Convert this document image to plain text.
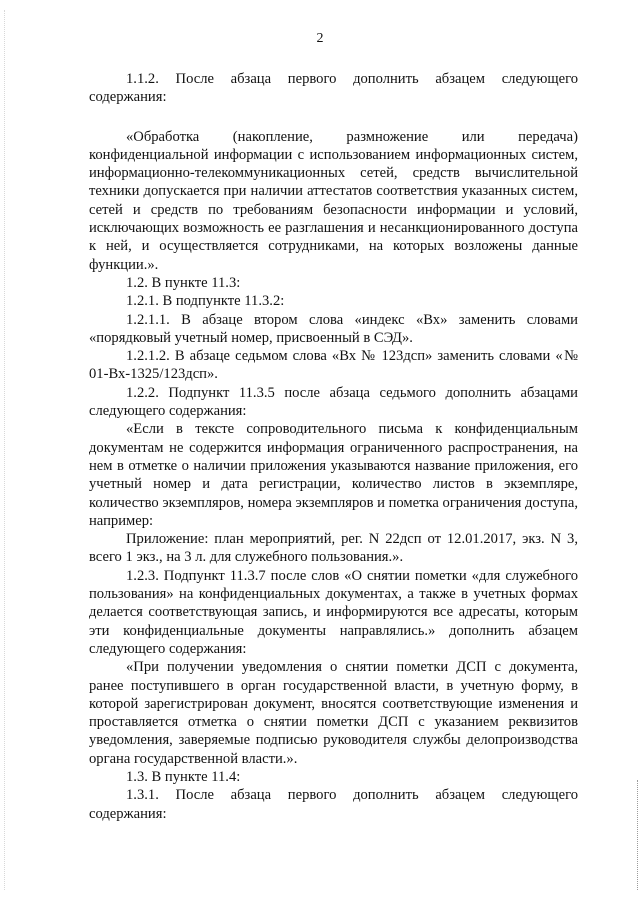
2

1.1.2. После абзаца первого дополнить абзацем следующего содержания:

«Обработка (накопление, размножение или передача) конфиденциальной информации с использованием информационных систем, информационно-телекоммуникационных сетей, средств вычислительной техники допускается при наличии аттестатов соответствия указанных систем, сетей и средств по требованиям безопасности информации и условий, исключающих возможность ее разглашения и несанкционированного доступа к ней, и осуществляется сотрудниками, на которых возложены данные функции.».

1.2. В пункте 11.3:

1.2.1. В подпункте 11.3.2:

1.2.1.1. В абзаце втором слова «индекс «Вх» заменить словами «порядковый учетный номер, присвоенный в СЭД».

1.2.1.2. В абзаце седьмом слова «Вх № 123дсп» заменить словами «№ 01-Вх-1325/123дсп».

1.2.2. Подпункт 11.3.5 после абзаца седьмого дополнить абзацами следующего содержания:

«Если в тексте сопроводительного письма к конфиденциальным документам не содержится информация ограниченного распространения, на нем в отметке о наличии приложения указываются название приложения, его учетный номер и дата регистрации, количество листов в экземпляре, количество экземпляров, номера экземпляров и пометка ограничения доступа, например:

Приложение: план мероприятий, рег. N 22дсп от 12.01.2017, экз. N 3, всего 1 экз., на 3 л. для служебного пользования.».

1.2.3. Подпункт 11.3.7 после слов «О снятии пометки «для служебного пользования» на конфиденциальных документах, а также в учетных формах делается соответствующая запись, и информируются все адресаты, которым эти конфиденциальные документы направлялись.» дополнить абзацем следующего содержания:

«При получении уведомления о снятии пометки ДСП с документа, ранее поступившего в орган государственной власти, в учетную форму, в которой зарегистрирован документ, вносятся соответствующие изменения и проставляется отметка о снятии пометки ДСП с указанием реквизитов уведомления, заверяемые подписью руководителя службы делопроизводства органа государственной власти.».

1.3. В пункте 11.4:

1.3.1. После абзаца первого дополнить абзацем следующего содержания:
